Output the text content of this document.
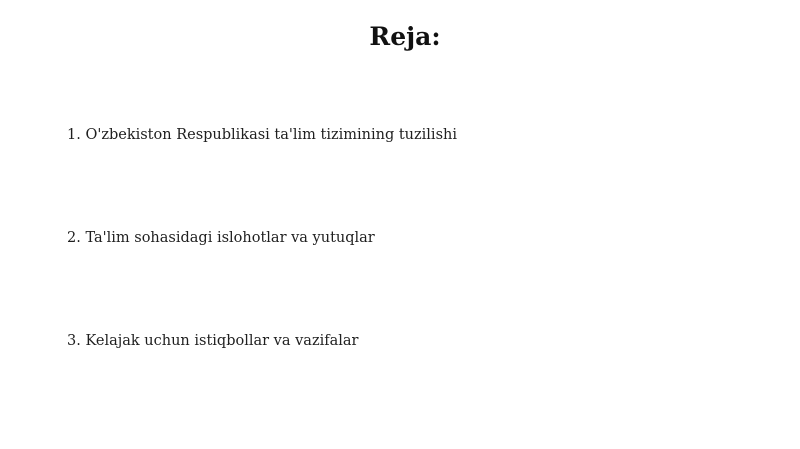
Reja:
1. O'zbekiston Respublikasi ta'lim tizimining tuzilishi
2. Ta'lim sohasidagi islohotlar va yutuqlar
3. Kelajak uchun istiqbollar va vazifalar
